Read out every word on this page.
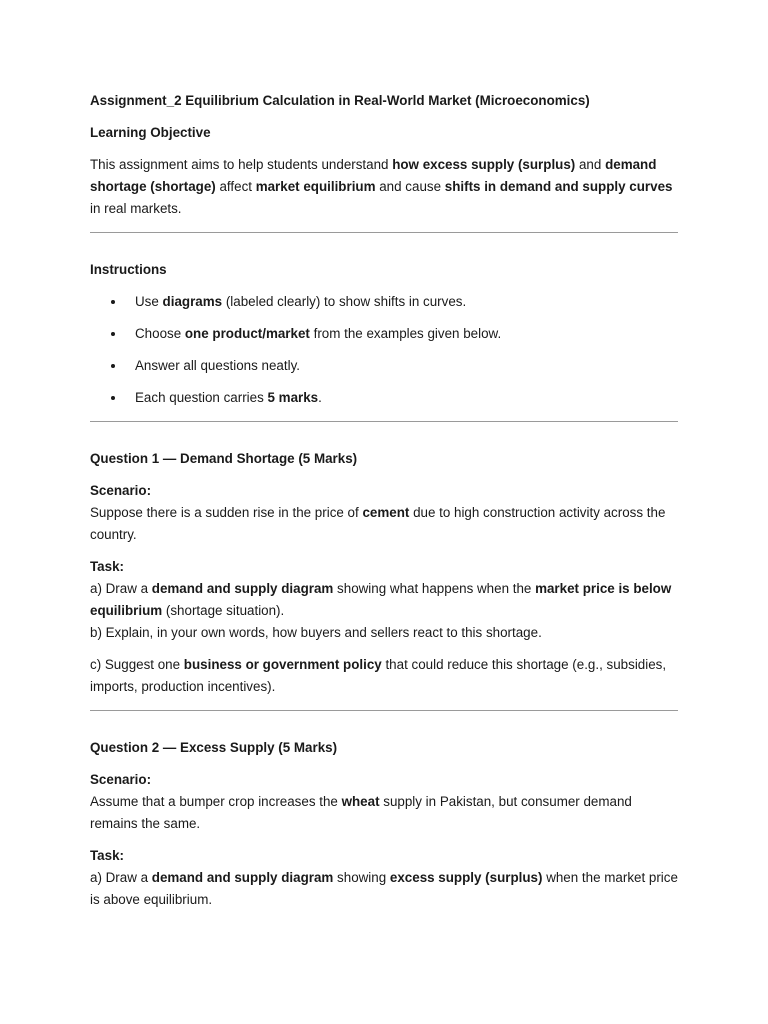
Assignment_2 Equilibrium Calculation in Real-World Market (Microeconomics)

Learning Objective

This assignment aims to help students understand how excess supply (surplus) and demand shortage (shortage) affect market equilibrium and cause shifts in demand and supply curves in real markets.

Instructions

Use diagrams (labeled clearly) to show shifts in curves.
Choose one product/market from the examples given below.
Answer all questions neatly.
Each question carries 5 marks.

Question 1 — Demand Shortage (5 Marks)

Scenario:

Suppose there is a sudden rise in the price of cement due to high construction activity across the country.

Task:

a) Draw a demand and supply diagram showing what happens when the market price is below equilibrium (shortage situation).

b) Explain, in your own words, how buyers and sellers react to this shortage.

c) Suggest one business or government policy that could reduce this shortage (e.g., subsidies, imports, production incentives).

Question 2 — Excess Supply (5 Marks)

Scenario:

Assume that a bumper crop increases the wheat supply in Pakistan, but consumer demand remains the same.

Task:

a) Draw a demand and supply diagram showing excess supply (surplus) when the market price is above equilibrium.
